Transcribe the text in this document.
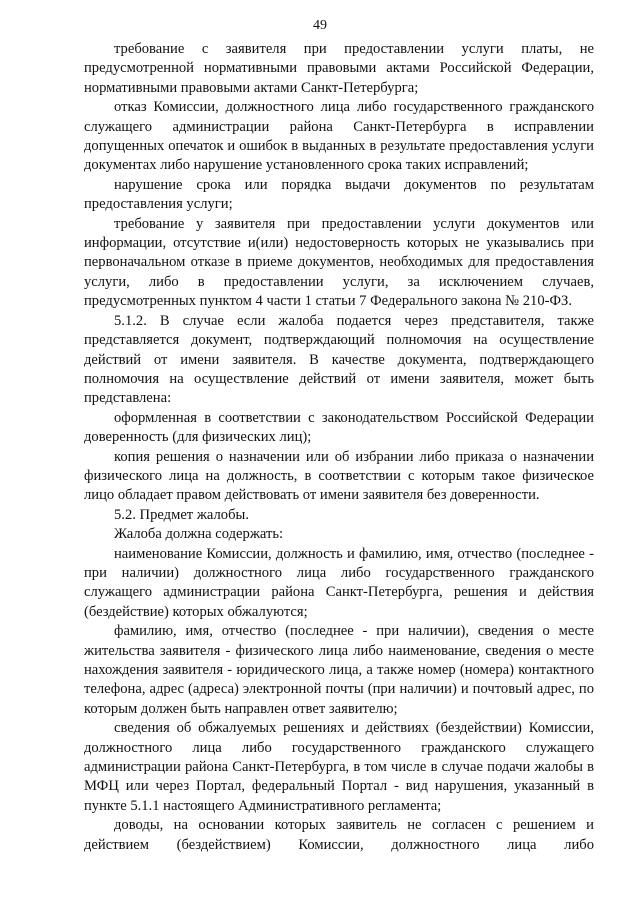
49

требование с заявителя при предоставлении услуги платы, не предусмотренной нормативными правовыми актами Российской Федерации, нормативными правовыми актами Санкт-Петербурга;

отказ Комиссии, должностного лица либо государственного гражданского служащего администрации района Санкт-Петербурга в исправлении допущенных опечаток и ошибок в выданных в результате предоставления услуги документах либо нарушение установленного срока таких исправлений;

нарушение срока или порядка выдачи документов по результатам предоставления услуги;

требование у заявителя при предоставлении услуги документов или информации, отсутствие и(или) недостоверность которых не указывались при первоначальном отказе в приеме документов, необходимых для предоставления услуги, либо в предоставлении услуги, за исключением случаев, предусмотренных пунктом 4 части 1 статьи 7 Федерального закона № 210-ФЗ.

5.1.2. В случае если жалоба подается через представителя, также представляется документ, подтверждающий полномочия на осуществление действий от имени заявителя. В качестве документа, подтверждающего полномочия на осуществление действий от имени заявителя, может быть представлена:

оформленная в соответствии с законодательством Российской Федерации доверенность (для физических лиц);

копия решения о назначении или об избрании либо приказа о назначении физического лица на должность, в соответствии с которым такое физическое лицо обладает правом действовать от имени заявителя без доверенности.

5.2. Предмет жалобы.

Жалоба должна содержать:

наименование Комиссии, должность и фамилию, имя, отчество (последнее - при наличии) должностного лица либо государственного гражданского служащего администрации района Санкт-Петербурга, решения и действия (бездействие) которых обжалуются;

фамилию, имя, отчество (последнее - при наличии), сведения о месте жительства заявителя - физического лица либо наименование, сведения о месте нахождения заявителя - юридического лица, а также номер (номера) контактного телефона, адрес (адреса) электронной почты (при наличии) и почтовый адрес, по которым должен быть направлен ответ заявителю;

сведения об обжалуемых решениях и действиях (бездействии) Комиссии, должностного лица либо государственного гражданского служащего администрации района Санкт-Петербурга, в том числе в случае подачи жалобы в МФЦ или через Портал, федеральный Портал - вид нарушения, указанный в пункте 5.1.1 настоящего Административного регламента;

доводы, на основании которых заявитель не согласен с решением и действием (бездействием) Комиссии, должностного лица либо
